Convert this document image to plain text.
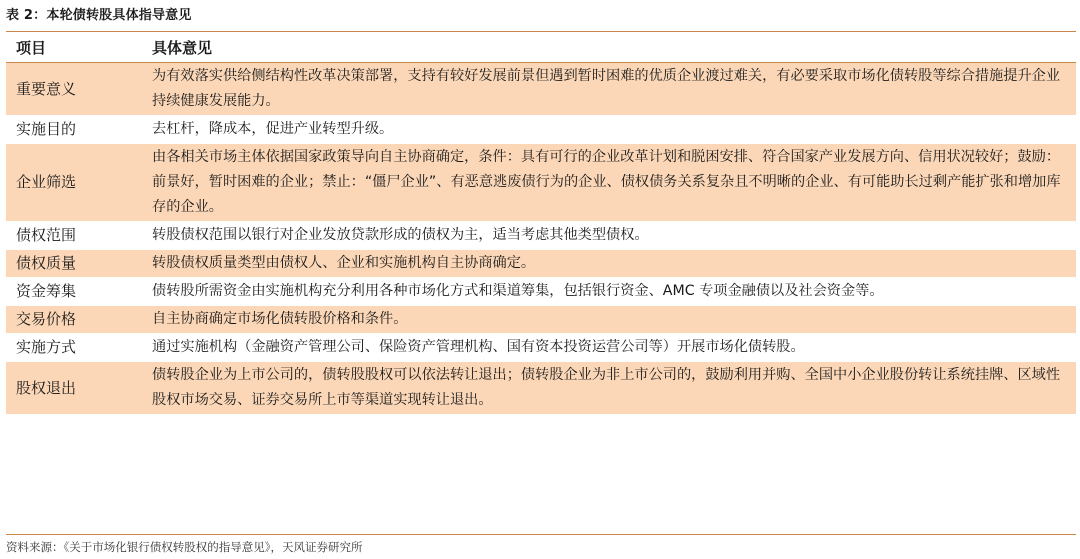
表 2：本轮债转股具体指导意见
项目	具体意见
重要意义	为有效落实供给侧结构性改革决策部署，支持有较好发展前景但遇到暂时困难的优质企业渡过难关，有必要采取市场化债转股等综合措施提升企业持续健康发展能力。
实施目的	去杠杆，降成本，促进产业转型升级。
企业筛选	由各相关市场主体依据国家政策导向自主协商确定，条件：具有可行的企业改革计划和脱困安排、符合国家产业发展方向、信用状况较好；鼓励：前景好，暂时困难的企业；禁止：“僵尸企业”、有恶意逃废债行为的企业、债权债务关系复杂且不明晰的企业、有可能助长过剩产能扩张和增加库存的企业。
债权范围	转股债权范围以银行对企业发放贷款形成的债权为主，适当考虑其他类型债权。
债权质量	转股债权质量类型由债权人、企业和实施机构自主协商确定。
资金筹集	债转股所需资金由实施机构充分利用各种市场化方式和渠道筹集，包括银行资金、AMC 专项金融债以及社会资金等。
交易价格	自主协商确定市场化债转股价格和条件。
实施方式	通过实施机构（金融资产管理公司、保险资产管理机构、国有资本投资运营公司等）开展市场化债转股。
股权退出	债转股企业为上市公司的，债转股股权可以依法转让退出；债转股企业为非上市公司的，鼓励利用并购、全国中小企业股份转让系统挂牌、区域性股权市场交易、证券交易所上市等渠道实现转让退出。
资料来源：《关于市场化银行债权转股权的指导意见》，天风证券研究所
